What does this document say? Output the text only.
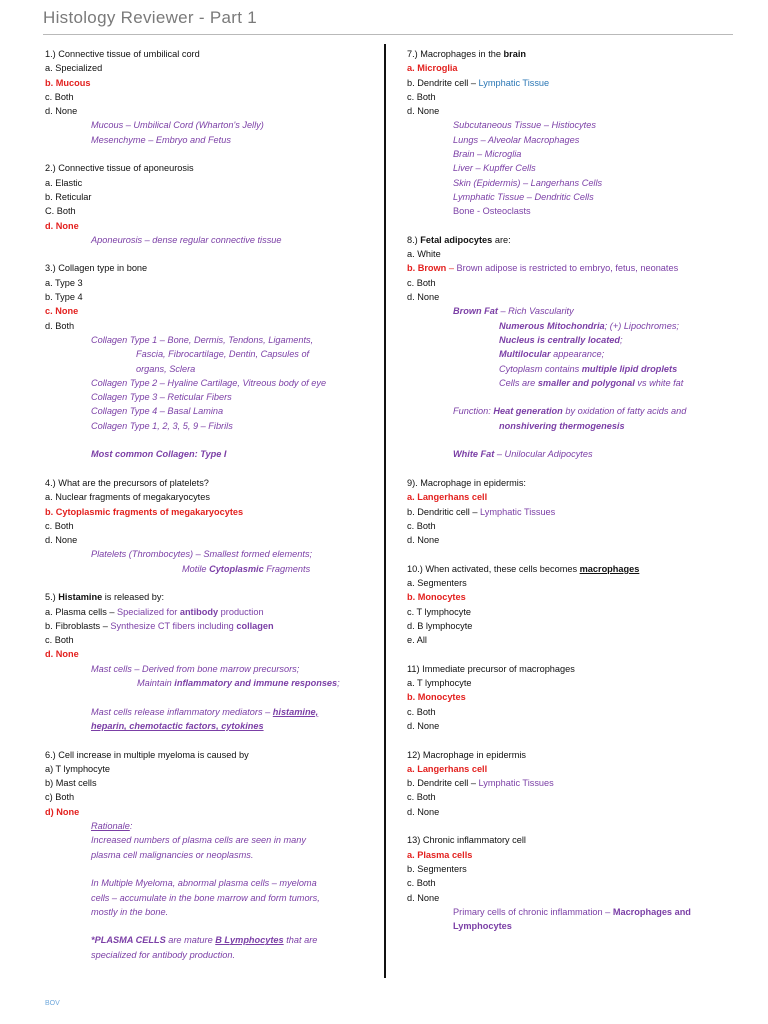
Histology Reviewer - Part 1
1.) Connective tissue of umbilical cord
a. Specialized
b. Mucous
c. Both
d. None
Mucous – Umbilical Cord (Wharton's Jelly)
Mesenchyme – Embryo and Fetus
2.) Connective tissue of aponeurosis
a. Elastic
b. Reticular
C. Both
d. None
Aponeurosis – dense regular connective tissue
3.) Collagen type in bone
a. Type 3
b. Type 4
c. None
d. Both
Collagen Type 1 – Bone, Dermis, Tendons, Ligaments,
Fascia, Fibrocartilage, Dentin, Capsules of
organs, Sclera
Collagen Type 2 – Hyaline Cartilage, Vitreous body of eye
Collagen Type 3 – Reticular Fibers
Collagen Type 4 – Basal Lamina
Collagen Type 1, 2, 3, 5, 9 – Fibrils
Most common Collagen: Type I
4.) What are the precursors of platelets?
a. Nuclear fragments of megakaryocytes
b. Cytoplasmic fragments of megakaryocytes
c. Both
d. None
Platelets (Thrombocytes) – Smallest formed elements;
Motile Cytoplasmic Fragments
5.) Histamine is released by:
a. Plasma cells – Specialized for antibody production
b. Fibroblasts – Synthesize CT fibers including collagen
c. Both
d. None
Mast cells – Derived from bone marrow precursors;
Maintain inflammatory and immune responses;
Mast cells release inflammatory mediators – histamine,
heparin, chemotactic factors, cytokines
6.) Cell increase in multiple myeloma is caused by
a) T lymphocyte
b) Mast cells
c) Both
d) None
Rationale:
Increased numbers of plasma cells are seen in many
plasma cell malignancies or neoplasms.
In Multiple Myeloma, abnormal plasma cells – myeloma
cells – accumulate in the bone marrow and form tumors,
mostly in the bone.
*PLASMA CELLS are mature B Lymphocytes that are
specialized for antibody production.
7.) Macrophages in the brain
a. Microglia
b. Dendrite cell – Lymphatic Tissue
c. Both
d. None
Subcutaneous Tissue – Histiocytes
Lungs – Alveolar Macrophages
Brain – Microglia
Liver – Kupffer Cells
Skin (Epidermis) – Langerhans Cells
Lymphatic Tissue – Dendritic Cells
Bone - Osteoclasts
8.) Fetal adipocytes are:
a. White
b. Brown – Brown adipose is restricted to embryo, fetus, neonates
c. Both
d. None
Brown Fat – Rich Vascularity
Numerous Mitochondria; (+) Lipochromes;
Nucleus is centrally located;
Multilocular appearance;
Cytoplasm contains multiple lipid droplets
Cells are smaller and polygonal vs white fat
Function: Heat generation by oxidation of fatty acids and
nonshivering thermogenesis
White Fat – Unilocular Adipocytes
9). Macrophage in epidermis:
a. Langerhans cell
b. Dendritic cell – Lymphatic Tissues
c. Both
d. None
10.) When activated, these cells becomes macrophages
a. Segmenters
b. Monocytes
c. T lymphocyte
d. B lymphocyte
e. All
11) Immediate precursor of macrophages
a. T lymphocyte
b. Monocytes
c. Both
d. None
12) Macrophage in epidermis
a. Langerhans cell
b. Dendrite cell – Lymphatic Tissues
c. Both
d. None
13) Chronic inflammatory cell
a. Plasma cells
b. Segmenters
c. Both
d. None
Primary cells of chronic inflammation – Macrophages and
Lymphocytes
BOV
